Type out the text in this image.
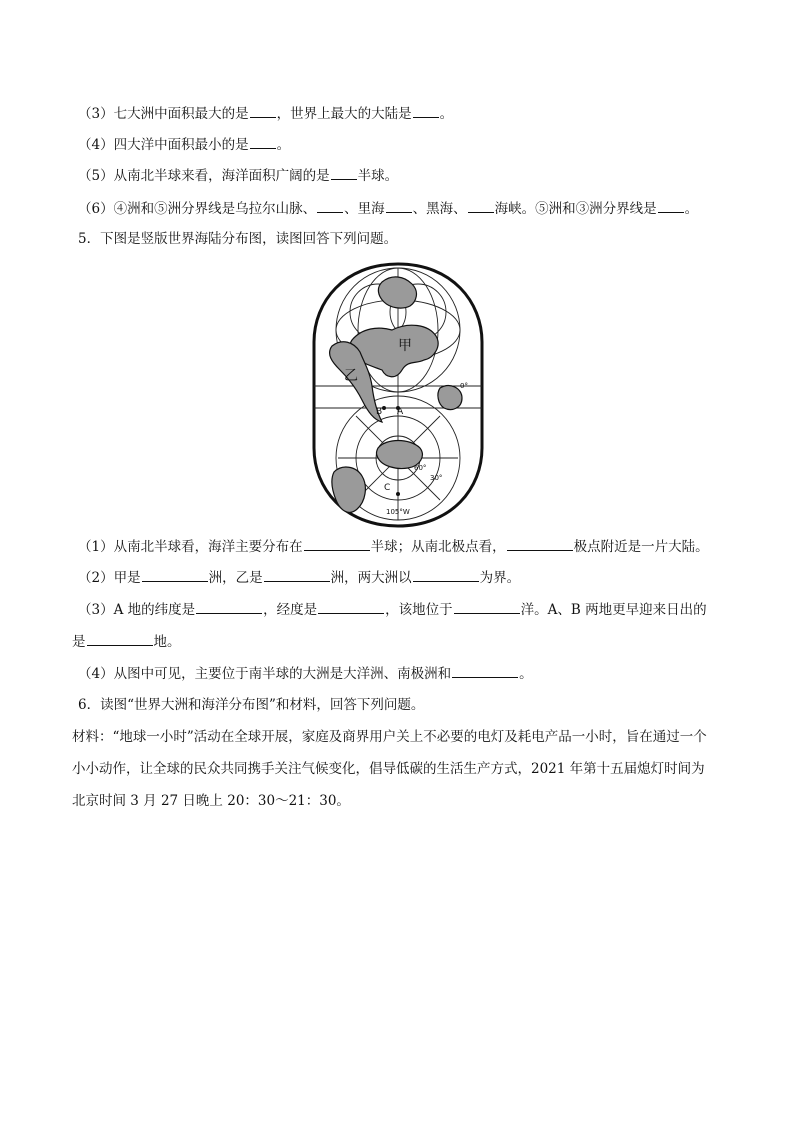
（3）七大洲中面积最大的是 ，世界上最大的大陆是 。
（4）四大洋中面积最小的是 。
（5）从南北半球来看，海洋面积广阔的是 半球。
（6）④洲和⑤洲分界线是乌拉尔山脉、 、里海 、黑海、 海峡。⑤洲和③洲分界线是 。
5．下图是竖版世界海陆分布图，读图回答下列问题。
甲
乙
A
B
C
0°
60°
30°
105°W
（1）从南北半球看，海洋主要分布在	半球；从南北极点看，	极点附近是一片大陆。
（2）甲是	洲，乙是	洲，两大洲以	为界。
（3）A 地的纬度是	，经度是	，该地位于	洋。A、B 两地更早迎来日出的
是	地。
（4）从图中可见，主要位于南半球的大洲是大洋洲、南极洲和	。
6．读图“世界大洲和海洋分布图”和材料，回答下列问题。
材料：“地球一小时”活动在全球开展，家庭及商界用户关上不必要的电灯及耗电产品一小时，旨在通过一个
小小动作，让全球的民众共同携手关注气候变化，倡导低碳的生活生产方式，2021 年第十五届熄灯时间为
北京时间 3 月 27 日晚上 20：30～21：30。
